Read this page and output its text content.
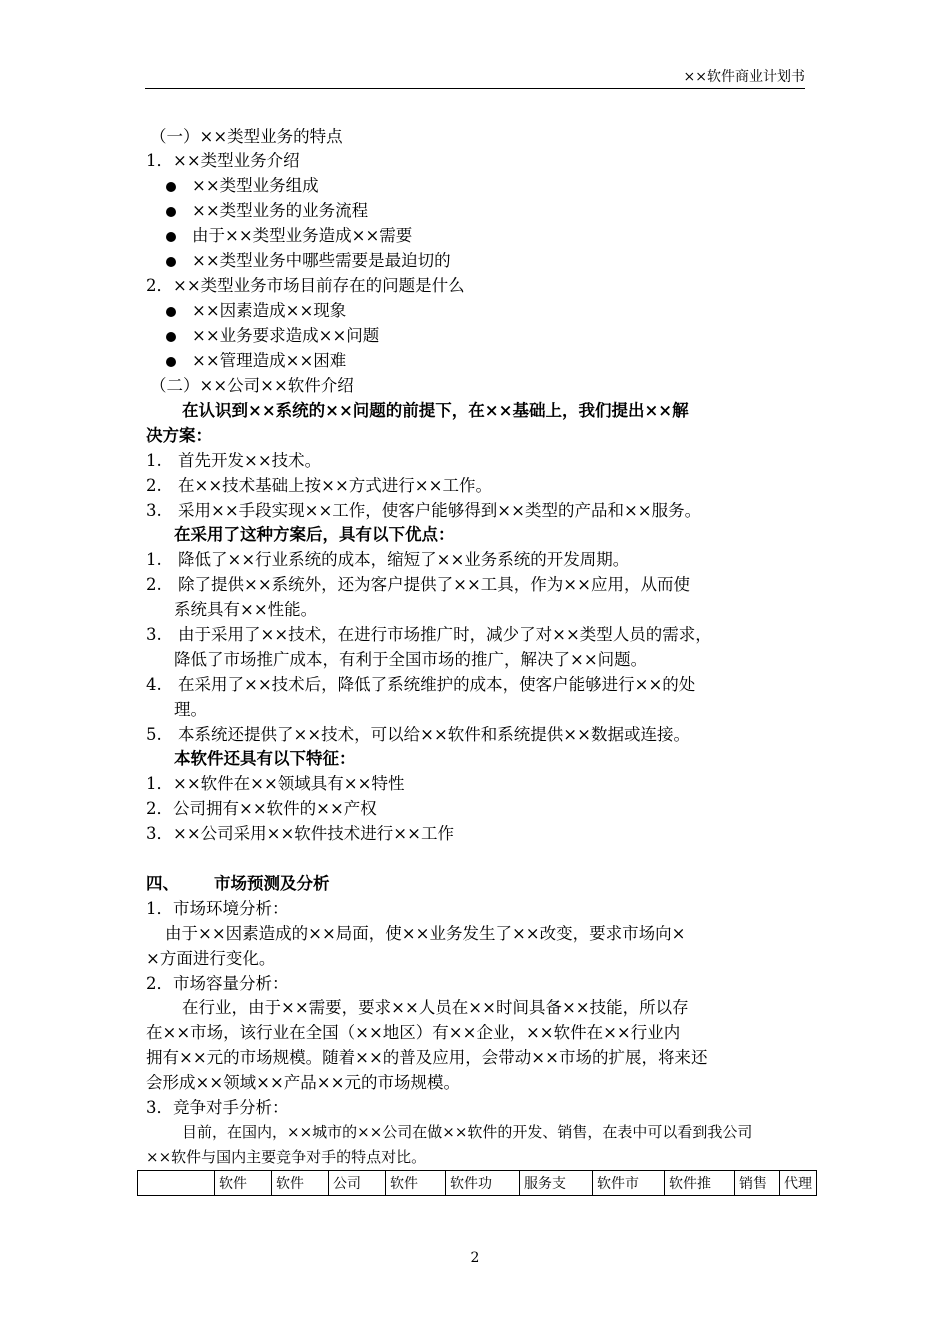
××软件商业计划书
（一）××类型业务的特点
1．××类型业务介绍
××类型业务组成
××类型业务的业务流程
由于××类型业务造成××需要
××类型业务中哪些需要是最迫切的
2．××类型业务市场目前存在的问题是什么
××因素造成××现象
××业务要求造成××问题
××管理造成××困难
（二）××公司××软件介绍
在认识到××系统的××问题的前提下，在××基础上，我们提出××解
决方案：
1. 首先开发××技术。
2. 在××技术基础上按××方式进行××工作。
3. 采用××手段实现××工作，使客户能够得到××类型的产品和××服务。
在采用了这种方案后，具有以下优点：
1. 降低了××行业系统的成本，缩短了××业务系统的开发周期。
2. 除了提供××系统外，还为客户提供了××工具，作为××应用，从而使
系统具有××性能。
3. 由于采用了××技术，在进行市场推广时，减少了对××类型人员的需求，
降低了市场推广成本，有利于全国市场的推广，解决了××问题。
4. 在采用了××技术后，降低了系统维护的成本，使客户能够进行××的处
理。
5. 本系统还提供了××技术，可以给××软件和系统提供××数据或连接。
本软件还具有以下特征：
1．××软件在××领域具有××特性
2．公司拥有××软件的××产权
3．××公司采用××软件技术进行××工作
四、 市场预测及分析
1．市场环境分析：
由于××因素造成的××局面，使××业务发生了××改变，要求市场向×
×方面进行变化。
2．市场容量分析：
在行业，由于××需要，要求××人员在××时间具备××技能，所以存
在××市场，该行业在全国（××地区）有××企业，××软件在××行业内
拥有××元的市场规模。随着××的普及应用，会带动××市场的扩展，将来还
会形成××领域××产品××元的市场规模。
3．竞争对手分析：
目前，在国内，××城市的××公司在做××软件的开发、销售，在表中可以看到我公司
××软件与国内主要竞争对手的特点对比。
	软件	软件	公司	软件	软件功	服务支	软件市	软件推	销售	代理
2
